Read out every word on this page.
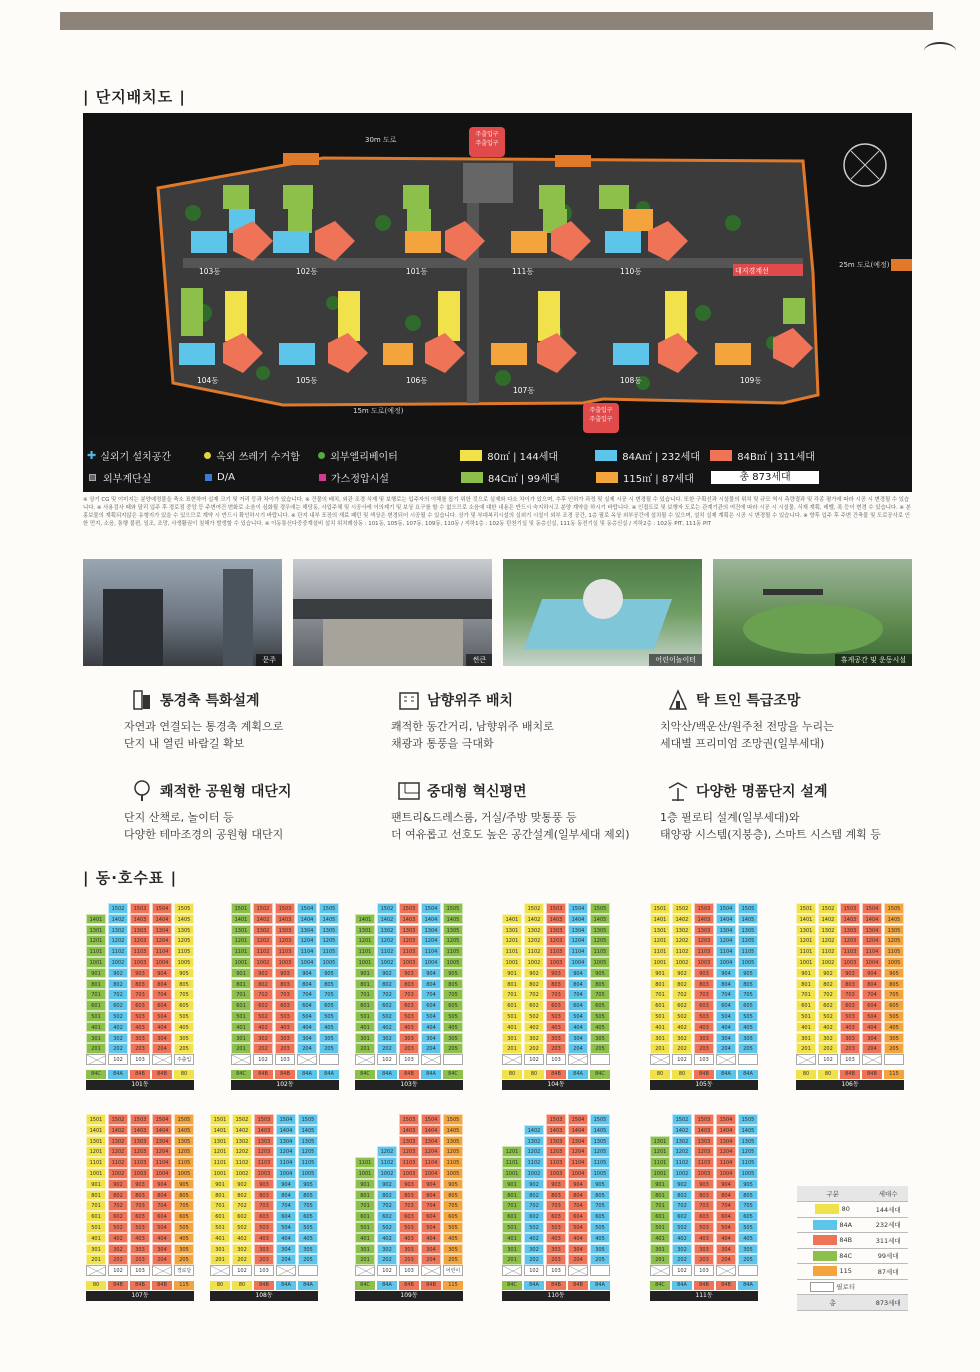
| 단지배치도 |
30m 도로
15m 도로(예정)
25m 도로(예정)
대지경계선
주출입구
주출입구
주출입구
주출입구
103동	102동	101동	111동	110동
104동	105동	106동
107동
108동	109동
✚ 실외기 설치공간	옥외 쓰레기 수거함	외부엘리베이터	80㎡ | 144세대	84A㎡ | 232세대	84B㎡ | 311세대
외부계단실	D/A	가스정압시설	84C㎡ | 99세대	115㎡ | 87세대	총 873세대
※ 상기 CG 및 이미지는 분양예정물을 축소 표현하여 실제 크기 및 거리 등과 차이가 있습니다. ※ 건물의 배치, 외관 조경 식재 및 보행로는 입주자의 이해를 돕기 위한 것으로 실제와 다소 차이가 있으며, 추후 인허가 과정 및 실제 시공 시 변경될 수 있습니다. 또한 구획선과 시설물의 위치 및 규모 역시 측량결과 및 각종 평가에 따라 시공 시 변경될 수 있습니다. ※ 사용검사 때와 달리 입주 후 경로점 중앙 등 주변여건 변화로 소음이 심화될 경우에는 해당동, 사업주체 및 시공사에 이의제기 및 보상 요구를 할 수 없으므로 소음에 대한 내용은 반드시 숙지하시고 분양 계약을 하시기 바랍니다. ※ 인접도로 및 보행자 도로는 관계기관의 여건에 따라 시공 시 시설물, 식재 계획, 레벨, 폭 등이 변경 수 있습니다. ※ 본 홍보물의 계획되지않은 유형지가 있을 수 있으므로 계약 시 반드시 확인하시기 바랍니다. ※ 단지 내부 포장의 재료 패턴 및 색상은 변경되어 시공될 수 있습니다. 상가 및 부대복리시설의 실외기 시설이 외부 조경 공간, 1층 필로 옥상 외부공간에 설치될 수 있으며, 설치 실제 계획은 시공 시 변경될 수 있습니다. ※ 향후 입주 후 주변 건축물 및 도로공사로 인한 먼지, 소음, 통행 불편, 일조, 조망, 사생활권이 침해가 발생할 수 있습니다. ※ 이동통신다중중계설비 설치 위치례상동 : 101동, 105동, 107동, 109동, 110동 / 지하1층 : 102동 탄천기실 및 동층신실, 111동 동전기실 및 동층신실 / 지하2층 : 102동 PIT, 111동 PIT
문주	썬큰	어린이놀이터	휴게공간 및 운동시설
통경축 특화설계
자연과 연결되는 통경축 계획으로
단지 내 열린 바람길 확보
남향위주 배치
쾌적한 동간거리, 남향위주 배치로
채광과 통풍을 극대화
탁 트인 특급조망
치악산/백운산/원주천 전망을 누리는
세대별 프리미엄 조망권(일부세대)
쾌적한 공원형 대단지
단지 산책로, 놀이터 등
다양한 테마조경의 공원형 대단지
중대형 혁신평면
팬트리&드레스룸, 거실/주방 맞통풍 등
더 여유롭고 선호도 높은 공간설계(일부세대 제외)
다양한 명품단지 설계
1층 필로티 설계(일부세대)와
태양광 시스템(지붕층), 스마트 시스템 계획 등
| 동·호수표 |
1502	1503	1504	1505
1401	1402	1403	1404	1405
1301	1302	1303	1304	1305
1201	1202	1203	1204	1205
1101	1102	1103	1104	1105
1001	1002	1003	1004	1005
901	902	903	904	905
801	802	803	804	805
701	702	703	704	705
601	602	603	604	605
501	502	503	504	505
401	402	403	404	405
301	302	303	304	305
201	202	203	204	205
102	103	주출입
84C	84A	84B	84B	80
101동
1501	1502	1503	1504	1505
1401	1402	1403	1404	1405
1301	1302	1303	1304	1305
1201	1202	1203	1204	1205
1101	1102	1103	1104	1105
1001	1002	1003	1004	1005
901	902	903	904	905
801	802	803	804	805
701	702	703	704	705
601	602	603	604	605
501	502	503	504	505
401	402	403	404	405
301	302	303	304	305
201	202	203	204	205
102	103
84C	84B	84B	84A	84A
102동
1502	1503	1504	1505
1401	1402	1403	1404	1405
1301	1302	1303	1304	1305
1201	1202	1203	1204	1205
1101	1102	1103	1104	1105
1001	1002	1003	1004	1005
901	902	903	904	905
801	802	803	804	805
701	702	703	704	705
601	602	603	604	605
501	502	503	504	505
401	402	403	404	405
301	302	303	304	305
201	202	203	204	205
102	103
84C	84A	84B	84A	84C
103동
1502	1503	1504	1505
1401	1402	1403	1404	1405
1301	1302	1303	1304	1305
1201	1202	1203	1204	1205
1101	1102	1103	1104	1105
1001	1002	1003	1004	1005
901	902	903	904	905
801	802	803	804	805
701	702	703	704	705
601	602	603	604	605
501	502	503	504	505
401	402	403	404	405
301	302	303	304	305
201	202	203	204	205
102	103
80	80	84B	84A	84C
104동
1501	1502	1503	1504	1505
1401	1402	1403	1404	1405
1301	1302	1303	1304	1305
1201	1202	1203	1204	1205
1101	1102	1103	1104	1105
1001	1002	1003	1004	1005
901	902	903	904	905
801	802	803	804	805
701	702	703	704	705
601	602	603	604	605
501	502	503	504	505
401	402	403	404	405
301	302	303	304	305
201	202	203	204	205
102	103
80	80	84B	84A	84A
105동
1501	1502	1503	1504	1505
1401	1402	1403	1404	1405
1301	1302	1303	1304	1305
1201	1202	1203	1204	1205
1101	1102	1103	1104	1105
1001	1002	1003	1004	1005
901	902	903	904	905
801	802	803	804	805
701	702	703	704	705
601	602	603	604	605
501	502	503	504	505
401	402	403	404	405
301	302	303	304	305
201	202	203	204	205
102	103
80	80	84B	84B	115
106동
1501	1502	1503	1504	1505
1401	1402	1403	1404	1405
1301	1302	1303	1304	1305
1201	1202	1203	1204	1205
1101	1102	1103	1104	1105
1001	1002	1003	1004	1005
901	902	903	904	905
801	802	803	804	805
701	702	703	704	705
601	602	603	604	605
501	502	503	504	505
401	402	403	404	405
301	302	303	304	305
201	202	203	204	205
102	103	경로당
80	84B	84B	84B	115
107동
1501	1502	1503	1504	1505
1401	1402	1403	1404	1405
1301	1302	1303	1304	1305
1201	1202	1203	1204	1205
1101	1102	1103	1104	1105
1001	1002	1003	1004	1005
901	902	903	904	905
801	802	803	804	805
701	702	703	704	705
601	602	603	604	605
501	502	503	504	505
401	402	403	404	405
301	302	303	304	305
201	202	203	204	205
102	103
80	80	84B	84A	84A
108동
1503	1504	1505
1403	1404	1405
1303	1304	1305
1202	1203	1204	1205
1101	1102	1103	1104	1105
1001	1002	1003	1004	1005
901	902	903	904	905
801	802	803	804	805
701	702	703	704	705
601	602	603	604	605
501	502	503	504	505
401	402	403	404	405
301	302	303	304	305
201	202	203	204	205
102	103	어린이
84C	84A	84B	84B	115
109동
1503	1504	1505
1402	1403	1404	1405
1302	1303	1304	1305
1201	1202	1203	1204	1205
1101	1102	1103	1104	1105
1001	1002	1003	1004	1005
901	902	903	904	905
801	802	803	804	805
701	702	703	704	705
601	602	603	604	605
501	502	503	504	505
401	402	403	404	405
301	302	303	304	305
201	202	203	204	205
102	103
84C	84A	84B	84B	84A
110동
1502	1503	1504	1505
1402	1403	1404	1405
1301	1302	1303	1304	1305
1201	1202	1203	1204	1205
1101	1102	1103	1104	1105
1001	1002	1003	1004	1005
901	902	903	904	905
801	802	803	804	805
701	702	703	704	705
601	602	603	604	605
501	502	503	504	505
401	402	403	404	405
301	302	303	304	305
201	202	203	204	205
102	103
84C	84A	84B	84B	84A
111동
구분	세대수
80	144세대
84A	232세대
84B	311세대
84C	99세대
115	87세대
필로티	
총	873세대
